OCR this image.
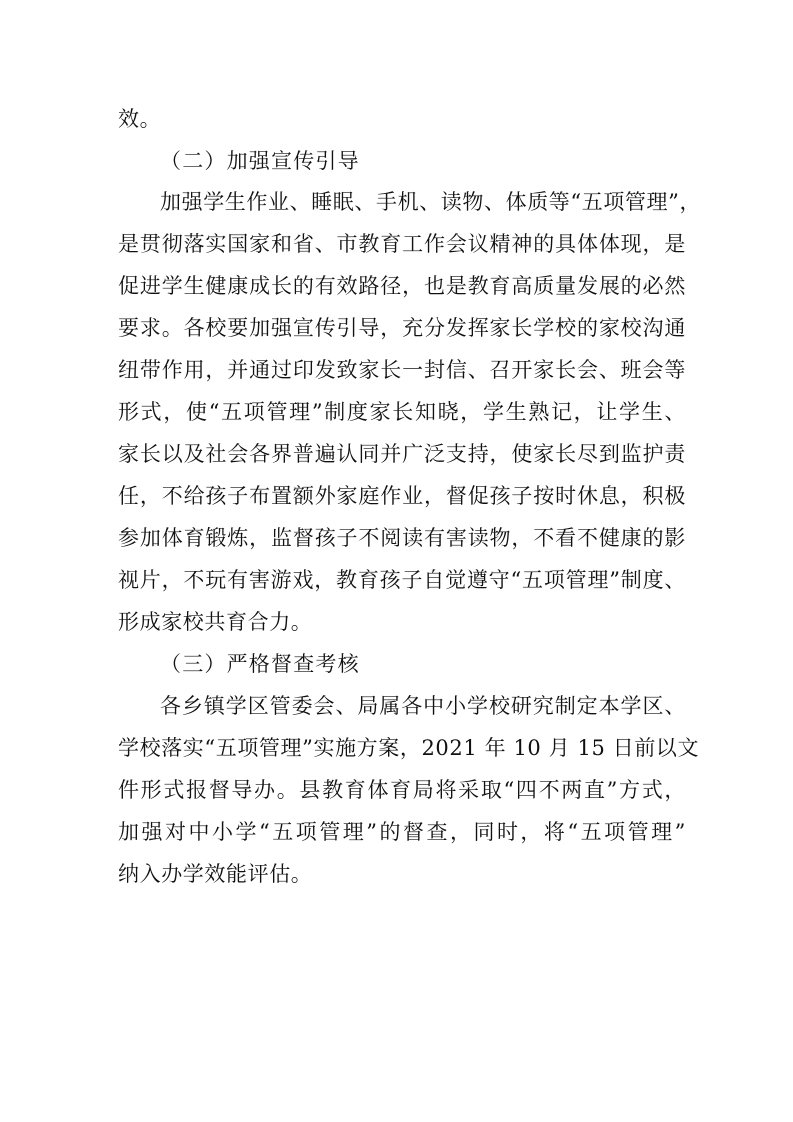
效。
（二）加强宣传引导
加强学生作业、睡眠、手机、读物、体质等“五项管理”，
是贯彻落实国家和省、市教育工作会议精神的具体体现，是
促进学生健康成长的有效路径，也是教育高质量发展的必然
要求。各校要加强宣传引导，充分发挥家长学校的家校沟通
纽带作用，并通过印发致家长一封信、召开家长会、班会等
形式，使“五项管理”制度家长知晓，学生熟记，让学生、
家长以及社会各界普遍认同并广泛支持，使家长尽到监护责
任，不给孩子布置额外家庭作业，督促孩子按时休息，积极
参加体育锻炼，监督孩子不阅读有害读物，不看不健康的影
视片，不玩有害游戏，教育孩子自觉遵守“五项管理”制度、
形成家校共育合力。
（三）严格督查考核
各乡镇学区管委会、局属各中小学校研究制定本学区、
学校落实“五项管理”实施方案，2021 年 10 月 15 日前以文
件形式报督导办。县教育体育局将采取“四不两直”方式，
加强对中小学“五项管理”的督查，同时，将“五项管理”
纳入办学效能评估。
